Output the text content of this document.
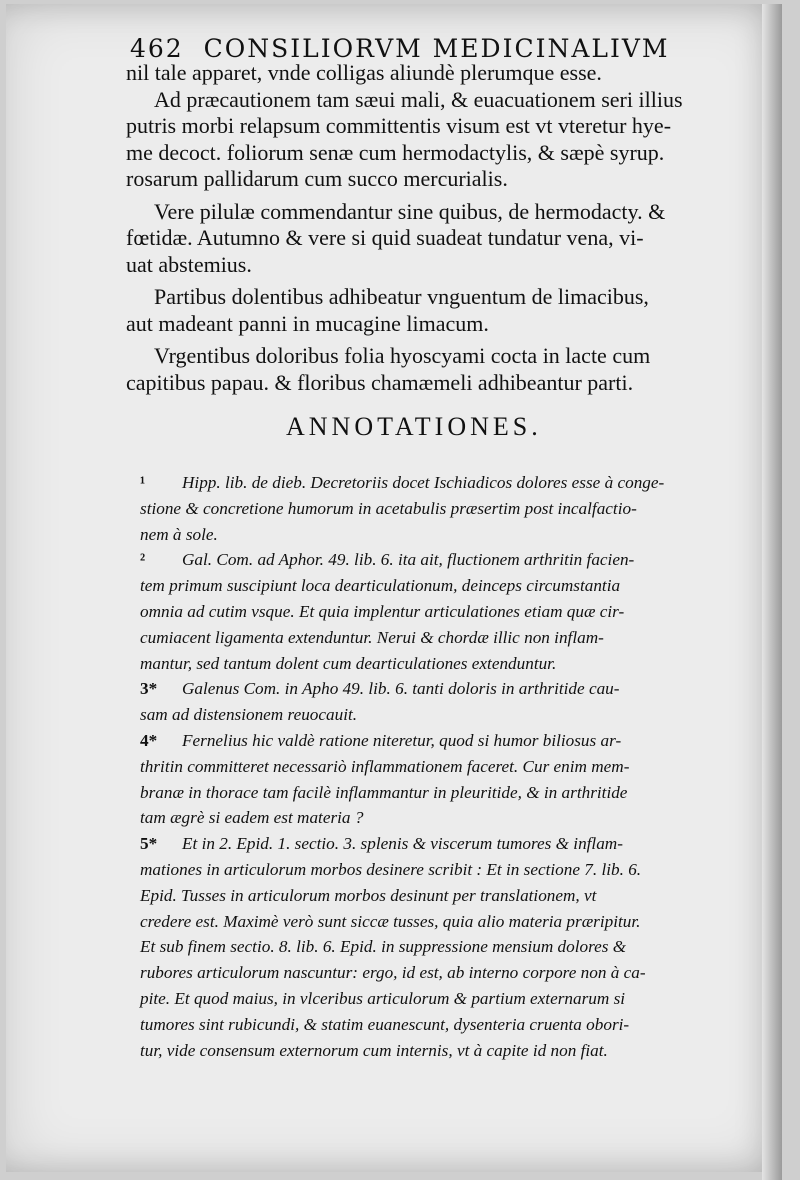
462 CONSILIORVM MEDICINALIVM

nil tale apparet, vnde colligas aliundè plerumque esse.

Ad præcautionem tam sæui mali, & euacuationem seri illius

putris morbi relapsum committentis visum est vt vteretur hye-

me decoct. foliorum senæ cum hermodactylis, & sæpè syrup.

rosarum pallidarum cum succo mercurialis.

Vere pilulæ commendantur sine quibus, de hermodacty. &

fœtidæ. Autumno & vere si quid suadeat tundatur vena, vi-

uat abstemius.

Partibus dolentibus adhibeatur vnguentum de limacibus,

aut madeant panni in mucagine limacum.

Vrgentibus doloribus folia hyoscyami cocta in lacte cum

capitibus papau. & floribus chamæmeli adhibeantur parti.

ANNOTATIONES.
¹ Hipp. lib. de dieb. Decretoriis docet Ischiadicos dolores esse à conge-
stione & concretione humorum in acetabulis præsertim post incalfactio-
nem à sole.
² Gal. Com. ad Aphor. 49. lib. 6. ita ait, fluctionem arthritin facien-
tem primum suscipiunt loca dearticulationum, deinceps circumstantia
omnia ad cutim vsque. Et quia implentur articulationes etiam quæ cir-
cumiacent ligamenta extenduntur. Nerui & chordæ illic non inflam-
mantur, sed tantum dolent cum dearticulationes extenduntur.
3* Galenus Com. in Apho 49. lib. 6. tanti doloris in arthritide cau-
sam ad distensionem reuocauit.
4* Fernelius hic valdè ratione niteretur, quod si humor biliosus ar-
thritin committeret necessariò inflammationem faceret. Cur enim mem-
branæ in thorace tam facilè inflammantur in pleuritide, & in arthritide
tam ægrè si eadem est materia ?
5* Et in 2. Epid. 1. sectio. 3. splenis & viscerum tumores & inflam-
mationes in articulorum morbos desinere scribit : Et in sectione 7. lib. 6.
Epid. Tusses in articulorum morbos desinunt per translationem, vt
credere est. Maximè verò sunt siccæ tusses, quia alio materia præripitur.
Et sub finem sectio. 8. lib. 6. Epid. in suppressione mensium dolores &
rubores articulorum nascuntur: ergo, id est, ab interno corpore non à ca-
pite. Et quod maius, in vlceribus articulorum & partium externarum si
tumores sint rubicundi, & statim euanescunt, dysenteria cruenta obori-
tur, vide consensum externorum cum internis, vt à capite id non fiat.
